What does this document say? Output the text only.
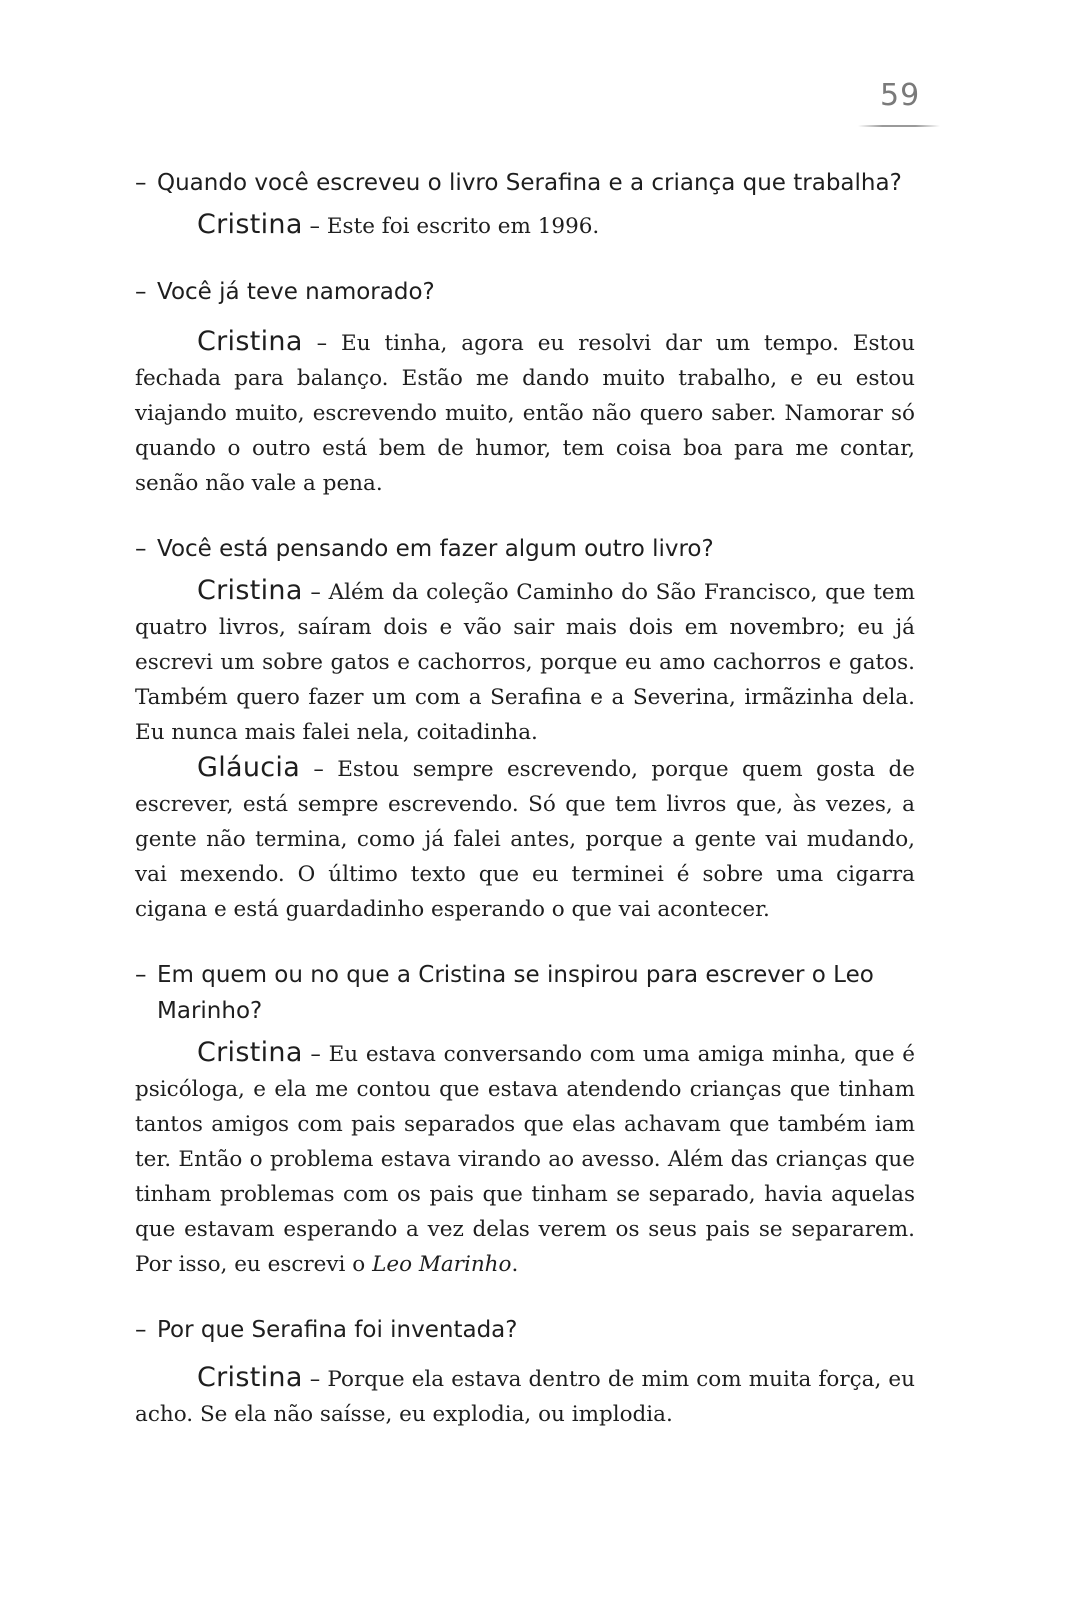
59

– Quando você escreveu o livro Serafina e a criança que trabalha?

Cristina – Este foi escrito em 1996.

– Você já teve namorado?

Cristina – Eu tinha, agora eu resolvi dar um tempo. Estou fechada para balanço. Estão me dando muito trabalho, e eu estou viajando muito, escrevendo muito, então não quero saber. Namorar só quando o outro está bem de humor, tem coisa boa para me contar, senão não vale a pena.

– Você está pensando em fazer algum outro livro?

Cristina – Além da coleção Caminho do São Francisco, que tem quatro livros, saíram dois e vão sair mais dois em novembro; eu já escrevi um sobre gatos e cachorros, porque eu amo cachorros e gatos. Também quero fazer um com a Serafina e a Severina, irmãzinha dela. Eu nunca mais falei nela, coitadinha.

Gláucia – Estou sempre escrevendo, porque quem gosta de escrever, está sempre escrevendo. Só que tem livros que, às vezes, a gente não termina, como já falei antes, porque a gente vai mudando, vai mexendo. O último texto que eu terminei é sobre uma cigarra cigana e está guardadinho esperando o que vai acontecer.

– Em quem ou no que a Cristina se inspirou para escrever o Leo Marinho?

Cristina – Eu estava conversando com uma amiga minha, que é psicóloga, e ela me contou que estava atendendo crianças que tinham tantos amigos com pais separados que elas achavam que também iam ter. Então o problema estava virando ao avesso. Além das crianças que tinham problemas com os pais que tinham se separado, havia aquelas que estavam esperando a vez delas verem os seus pais se separarem. Por isso, eu escrevi o Leo Marinho.

– Por que Serafina foi inventada?

Cristina – Porque ela estava dentro de mim com muita força, eu acho. Se ela não saísse, eu explodia, ou implodia.
